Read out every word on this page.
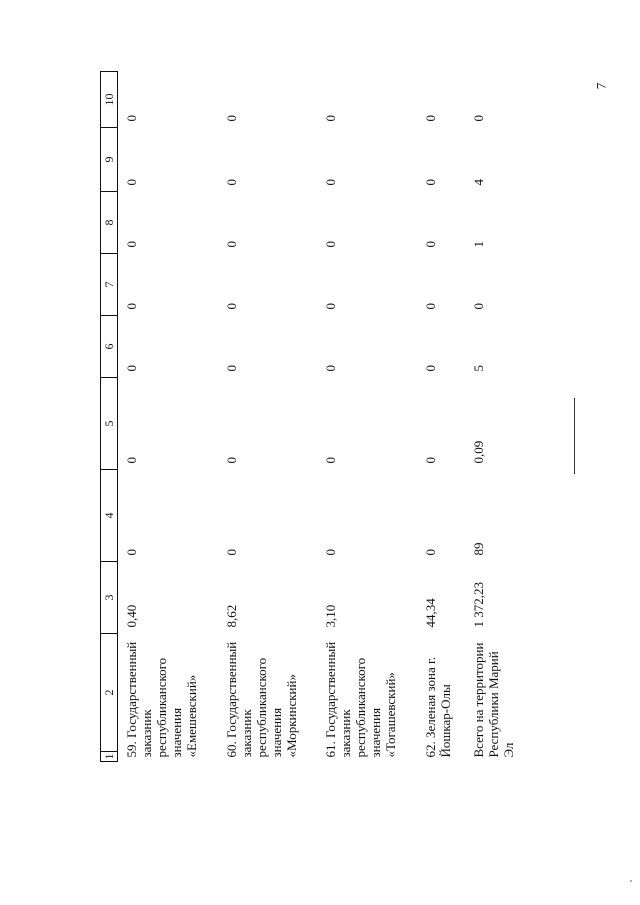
7
1	2	3	4	5	6	7	8	9	10
59. Государственный заказник республиканского значения «Емешевский»		0,40	0	0	0	0	0	0	0
60. Государственный заказник республиканского значения «Моркинский»		8,62	0	0	0	0	0	0	0
61. Государственный заказник республиканского значения «Тогашевский»		3,10	0	0	0	0	0	0	0
62. Зеленая зона г. Йошкар-Олы		44,34	0	0	0	0	0	0	0
Всего на территории Республики Марий Эл		1 372,23	89	0,09	5	0	1	4	0
